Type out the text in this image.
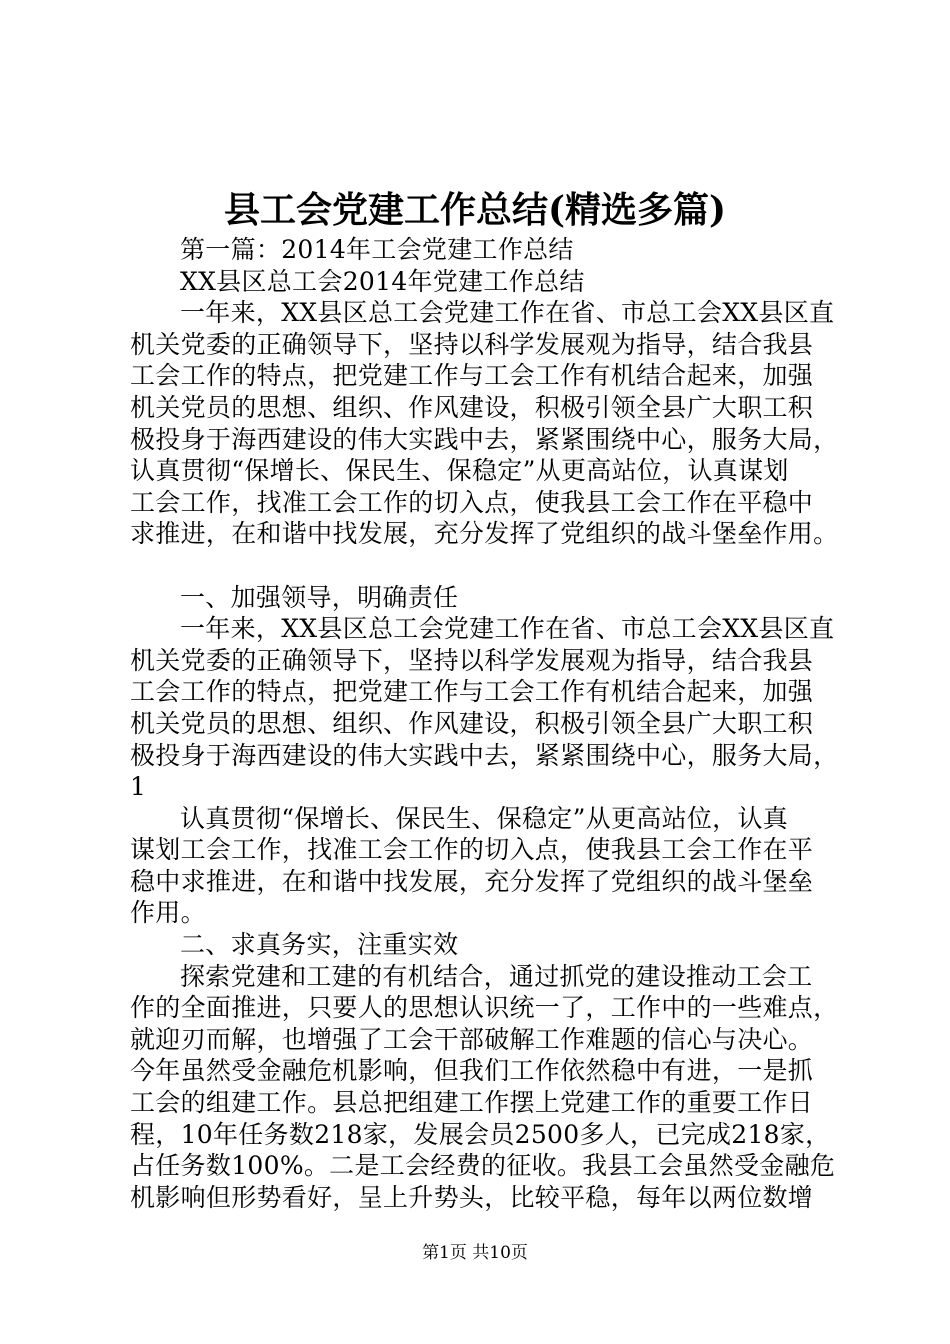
县工会党建工作总结(精选多篇)
第一篇：2014年工会党建工作总结
XX县区总工会2014年党建工作总结
一年来，XX县区总工会党建工作在省、市总工会XX县区直
机关党委的正确领导下，坚持以科学发展观为指导，结合我县
工会工作的特点，把党建工作与工会工作有机结合起来，加强
机关党员的思想、组织、作风建设，积极引领全县广大职工积
极投身于海西建设的伟大实践中去，紧紧围绕中心，服务大局，
认真贯彻“保增长、保民生、保稳定”从更高站位，认真谋划
工会工作，找准工会工作的切入点，使我县工会工作在平稳中
求推进，在和谐中找发展，充分发挥了党组织的战斗堡垒作用。
一、加强领导，明确责任
一年来，XX县区总工会党建工作在省、市总工会XX县区直
机关党委的正确领导下，坚持以科学发展观为指导，结合我县
工会工作的特点，把党建工作与工会工作有机结合起来，加强
机关党员的思想、组织、作风建设，积极引领全县广大职工积
极投身于海西建设的伟大实践中去，紧紧围绕中心，服务大局，
1
认真贯彻“保增长、保民生、保稳定”从更高站位，认真
谋划工会工作，找准工会工作的切入点，使我县工会工作在平
稳中求推进，在和谐中找发展，充分发挥了党组织的战斗堡垒
作用。
二、求真务实，注重实效
探索党建和工建的有机结合，通过抓党的建设推动工会工
作的全面推进，只要人的思想认识统一了，工作中的一些难点，
就迎刃而解，也增强了工会干部破解工作难题的信心与决心。
今年虽然受金融危机影响，但我们工作依然稳中有进，一是抓
工会的组建工作。县总把组建工作摆上党建工作的重要工作日
程，10年任务数218家，发展会员2500多人，已完成218家，
占任务数100%。二是工会经费的征收。我县工会虽然受金融危
机影响但形势看好，呈上升势头，比较平稳，每年以两位数增
第1页 共10页
